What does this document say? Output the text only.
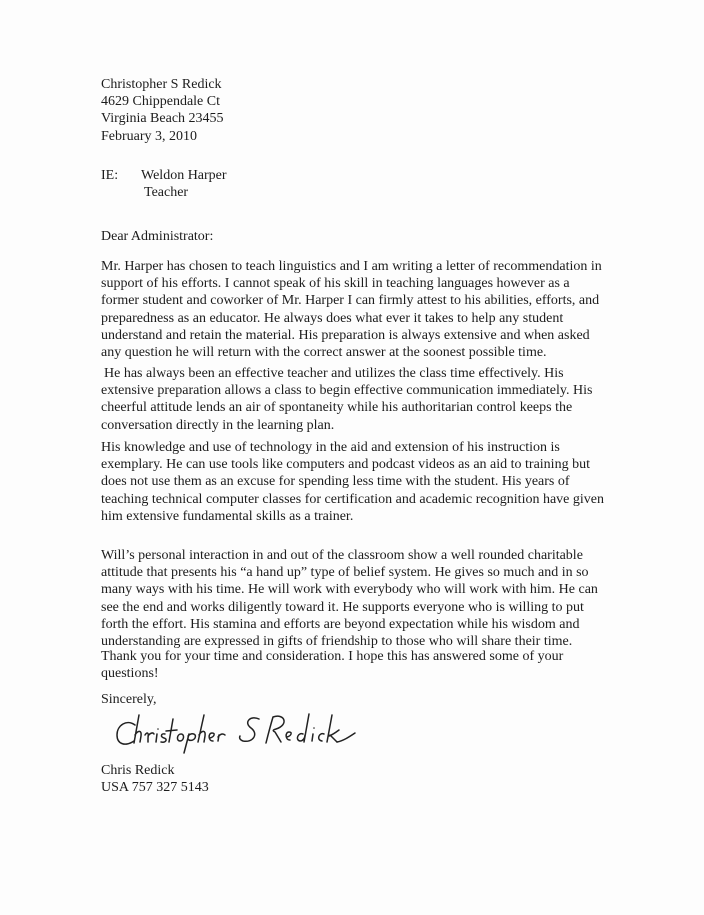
Christopher S Redick
4629 Chippendale Ct
Virginia Beach 23455
February 3, 2010
IE: Weldon Harper
Teacher

Dear Administrator:

Mr. Harper has chosen to teach linguistics and I am writing a letter of recommendation in support of his efforts. I cannot speak of his skill in teaching languages however as a former student and coworker of Mr. Harper I can firmly attest to his abilities, efforts, and preparedness as an educator. He always does what ever it takes to help any student understand and retain the material. His preparation is always extensive and when asked any question he will return with the correct answer at the soonest possible time.

He has always been an effective teacher and utilizes the class time effectively. His extensive preparation allows a class to begin effective communication immediately. His cheerful attitude lends an air of spontaneity while his authoritarian control keeps the conversation directly in the learning plan.

His knowledge and use of technology in the aid and extension of his instruction is exemplary. He can use tools like computers and podcast videos as an aid to training but does not use them as an excuse for spending less time with the student. His years of teaching technical computer classes for certification and academic recognition have given him extensive fundamental skills as a trainer.

Will’s personal interaction in and out of the classroom show a well rounded charitable attitude that presents his “a hand up” type of belief system. He gives so much and in so many ways with his time. He will work with everybody who will work with him. He can see the end and works diligently toward it. He supports everyone who is willing to put forth the effort. His stamina and efforts are beyond expectation while his wisdom and understanding are expressed in gifts of friendship to those who will share their time.

Thank you for your time and consideration. I hope this has answered some of your questions!

Sincerely,

Chris Redick
USA 757 327 5143
